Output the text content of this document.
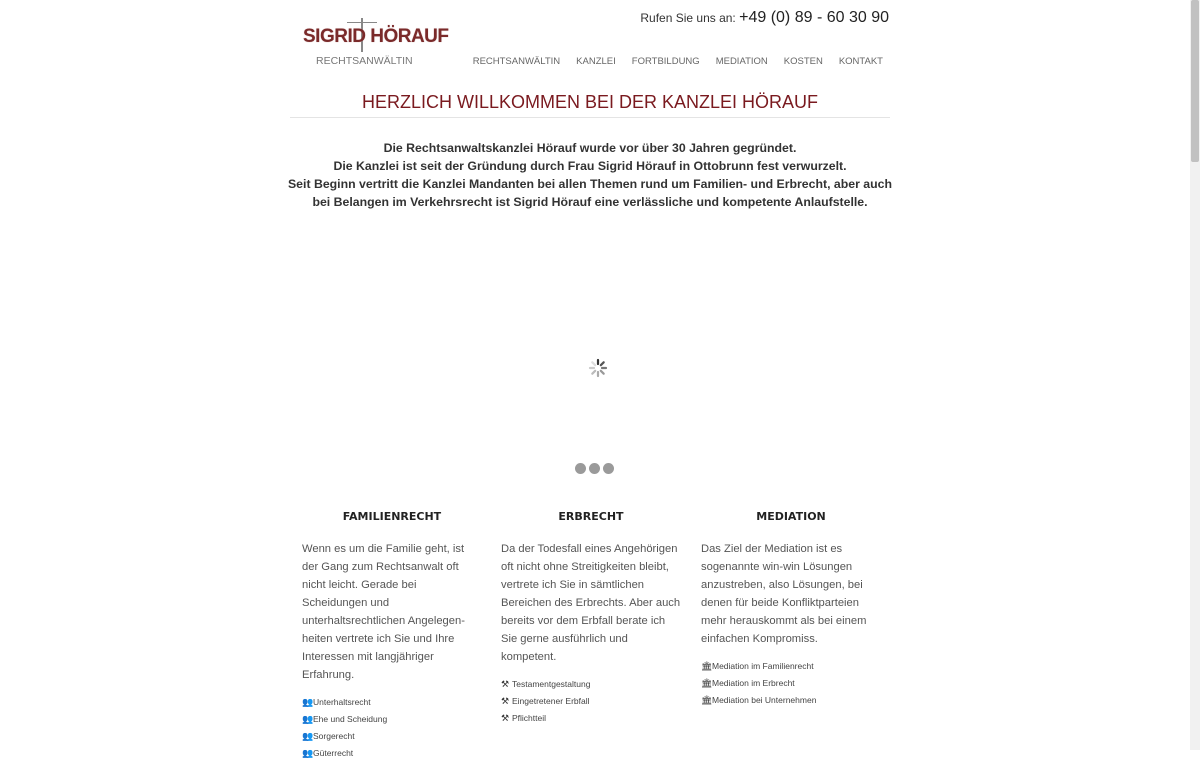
SIGRID HÖRAUF
RECHTSANWÄLTIN
Rufen Sie uns an: +49 (0) 89 - 60 30 90
RECHTSANWÄLTIN KANZLEI FORTBILDUNG MEDIATION KOSTEN KONTAKT
HERZLICH WILLKOMMEN BEI DER KANZLEI HÖRAUF
Die Rechtsanwaltskanzlei Hörauf wurde vor über 30 Jahren gegründet.
Die Kanzlei ist seit der Gründung durch Frau Sigrid Hörauf in Ottobrunn fest verwurzelt.
Seit Beginn vertritt die Kanzlei Mandanten bei allen Themen rund um Familien- und Erbrecht, aber auch
bei Belangen im Verkehrsrecht ist Sigrid Hörauf eine verlässliche und kompetente Anlaufstelle.
FAMILIENRECHT

Wenn es um die Familie geht, ist der Gang zum Rechtsanwalt oft nicht leicht. Gerade bei Scheidungen und unterhaltsrechtlichen Angelegen-heiten vertrete ich Sie und Ihre Interessen mit langjähriger Erfahrung.

👥Unterhaltsrecht
👥Ehe und Scheidung
👥Sorgerecht
👥Güterrecht
ERBRECHT

Da der Todesfall eines Angehörigen oft nicht ohne Streitigkeiten bleibt, vertrete ich Sie in sämtlichen Bereichen des Erbrechts. Aber auch bereits vor dem Erbfall berate ich Sie gerne ausführlich und kompetent.

⚒ Testamentgestaltung
⚒ Eingetretener Erbfall
⚒ Pflichtteil
MEDIATION

Das Ziel der Mediation ist es sogenannte win-win Lösungen anzustreben, also Lösungen, bei denen für beide Konfliktparteien mehr herauskommt als bei einem einfachen Kompromiss.

🏛Mediation im Familienrecht
🏛Mediation im Erbrecht
🏛Mediation bei Unternehmen
